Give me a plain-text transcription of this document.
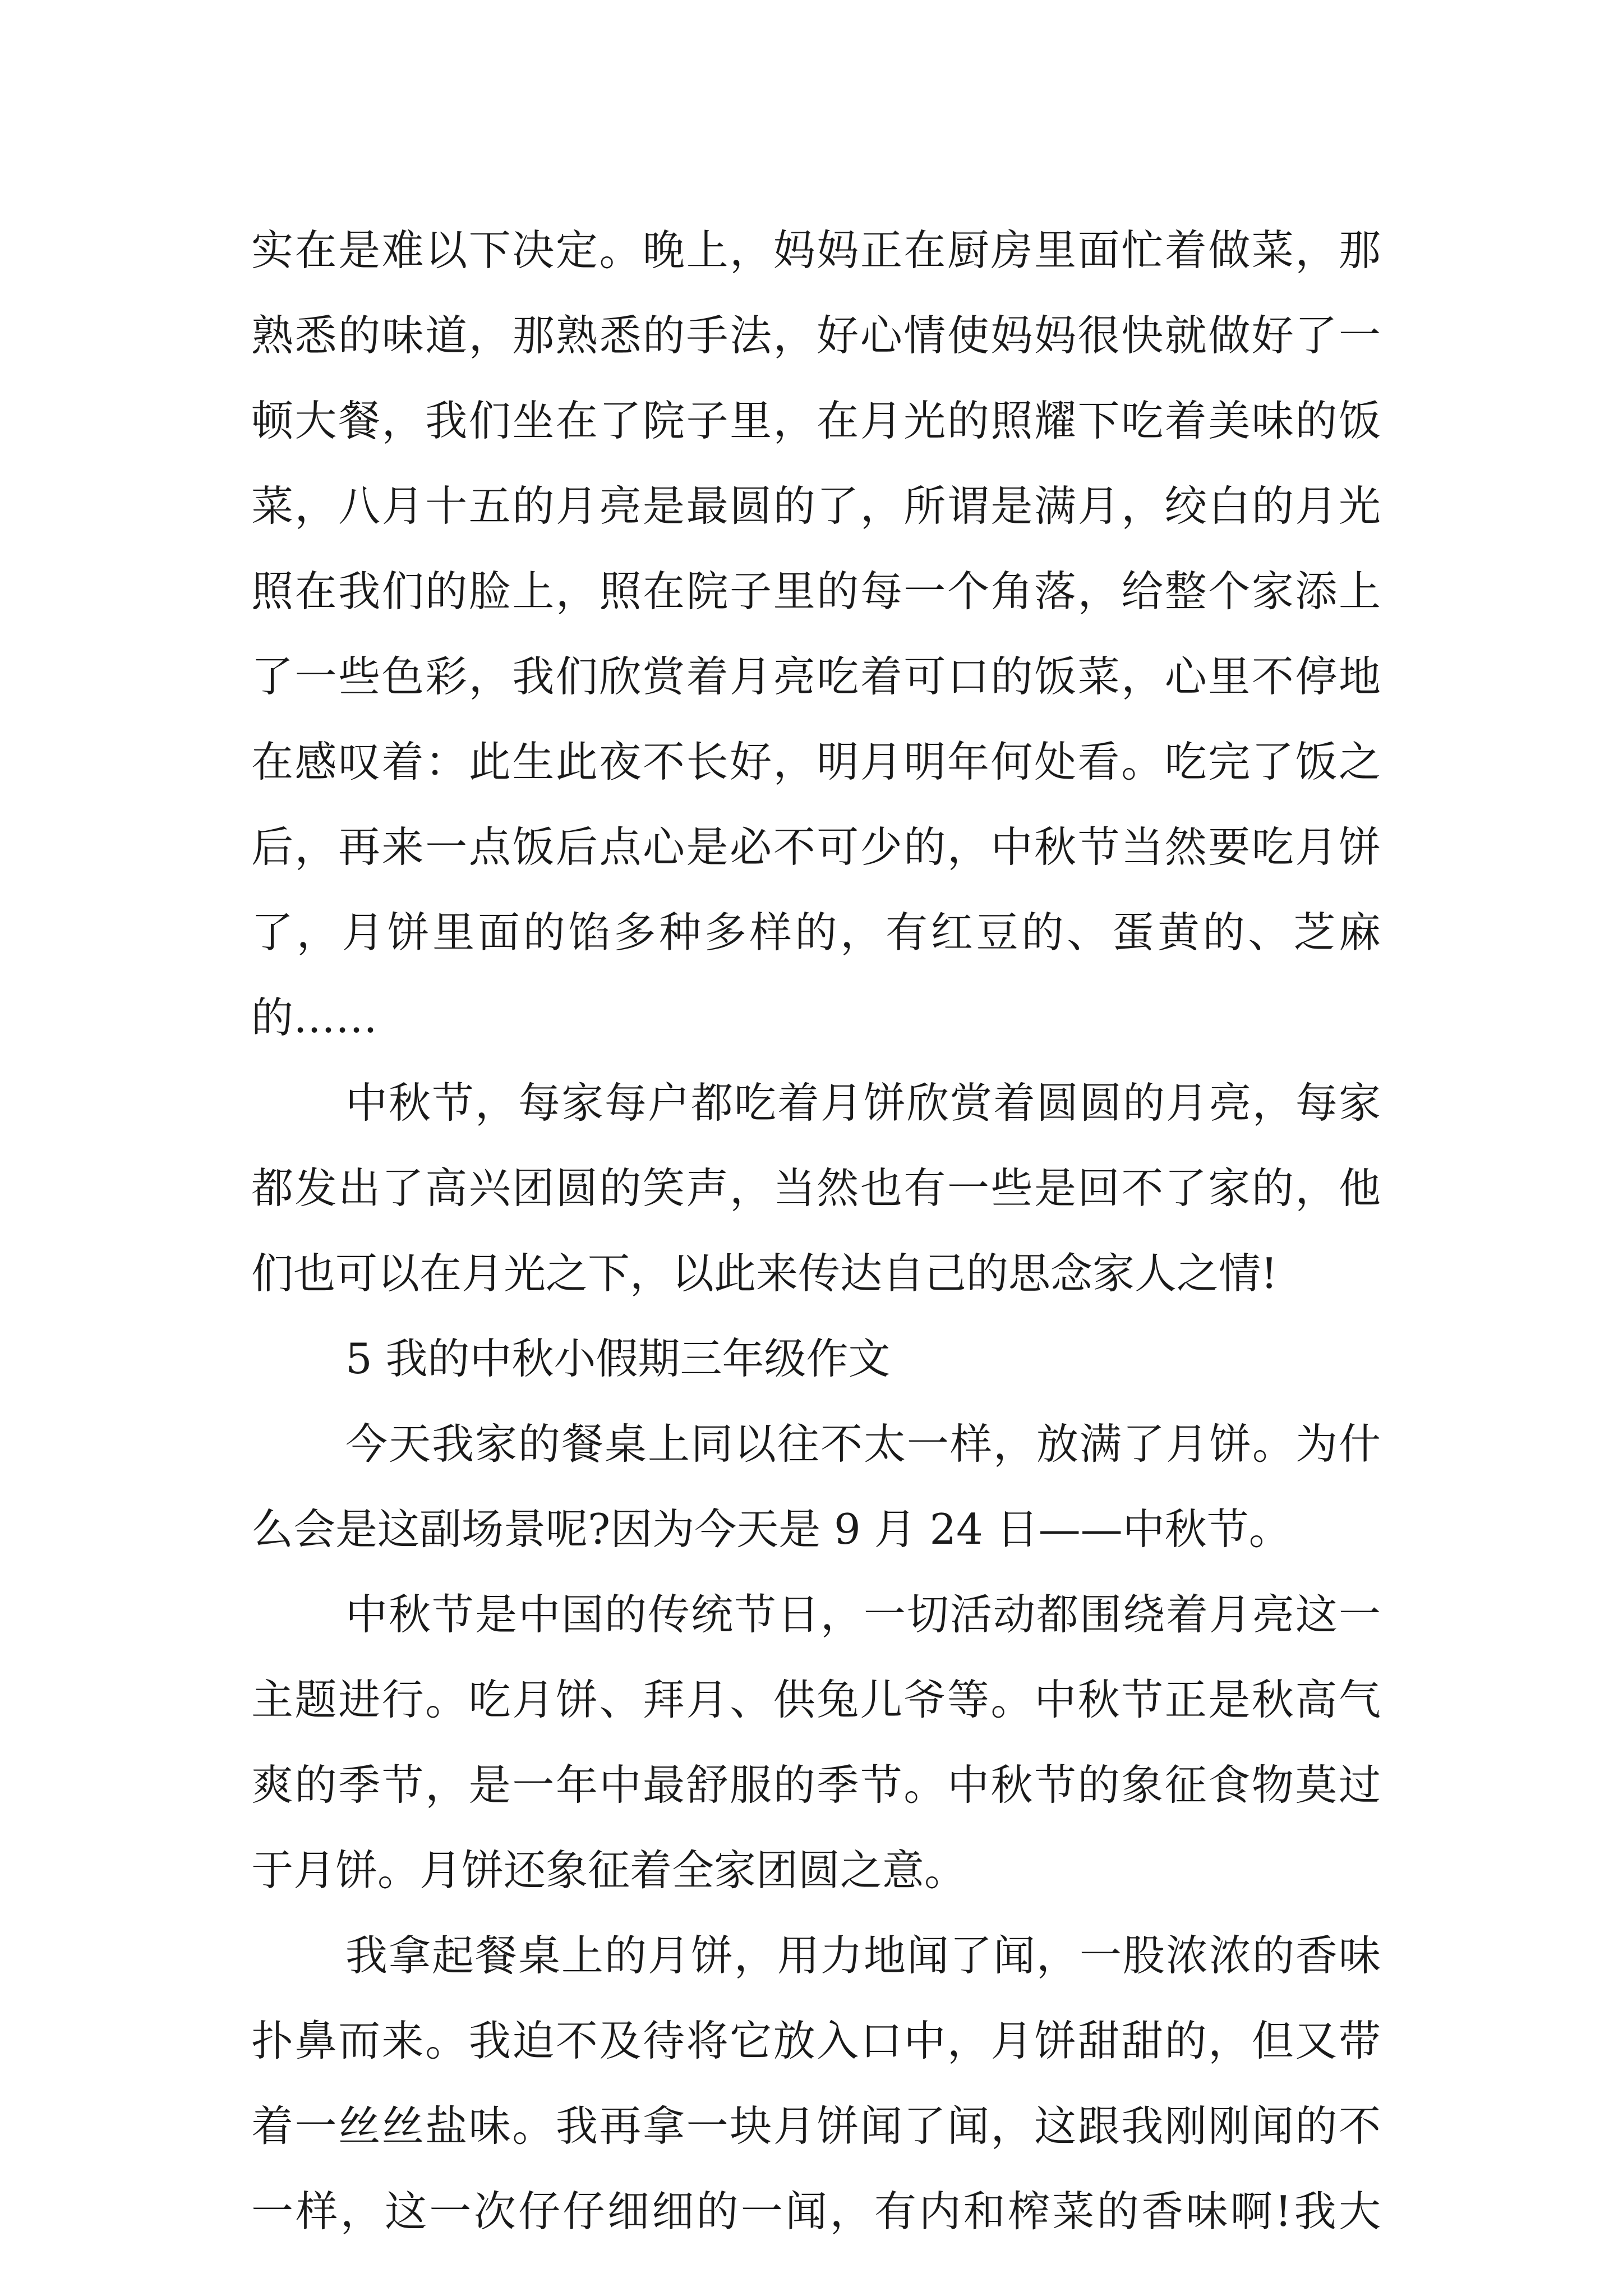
实在是难以下决定。晚上，妈妈正在厨房里面忙着做菜，那
熟悉的味道，那熟悉的手法，好心情使妈妈很快就做好了一
顿大餐，我们坐在了院子里，在月光的照耀下吃着美味的饭
菜，八月十五的月亮是最圆的了，所谓是满月，绞白的月光
照在我们的脸上，照在院子里的每一个角落，给整个家添上
了一些色彩，我们欣赏着月亮吃着可口的饭菜，心里不停地
在感叹着：此生此夜不长好，明月明年何处看。吃完了饭之
后，再来一点饭后点心是必不可少的，中秋节当然要吃月饼
了，月饼里面的馅多种多样的，有红豆的、蛋黄的、芝麻
的……
中秋节，每家每户都吃着月饼欣赏着圆圆的月亮，每家
都发出了高兴团圆的笑声，当然也有一些是回不了家的，他
们也可以在月光之下，以此来传达自己的思念家人之情!
5 我的中秋小假期三年级作文
今天我家的餐桌上同以往不太一样，放满了月饼。为什
么会是这副场景呢?因为今天是 9 月 24 日——中秋节。
中秋节是中国的传统节日，一切活动都围绕着月亮这一
主题进行。吃月饼、拜月、供兔儿爷等。中秋节正是秋高气
爽的季节，是一年中最舒服的季节。中秋节的象征食物莫过
于月饼。月饼还象征着全家团圆之意。
我拿起餐桌上的月饼，用力地闻了闻，一股浓浓的香味
扑鼻而来。我迫不及待将它放入口中，月饼甜甜的，但又带
着一丝丝盐味。我再拿一块月饼闻了闻，这跟我刚刚闻的不
一样，这一次仔仔细细的一闻，有内和榨菜的香味啊!我大
